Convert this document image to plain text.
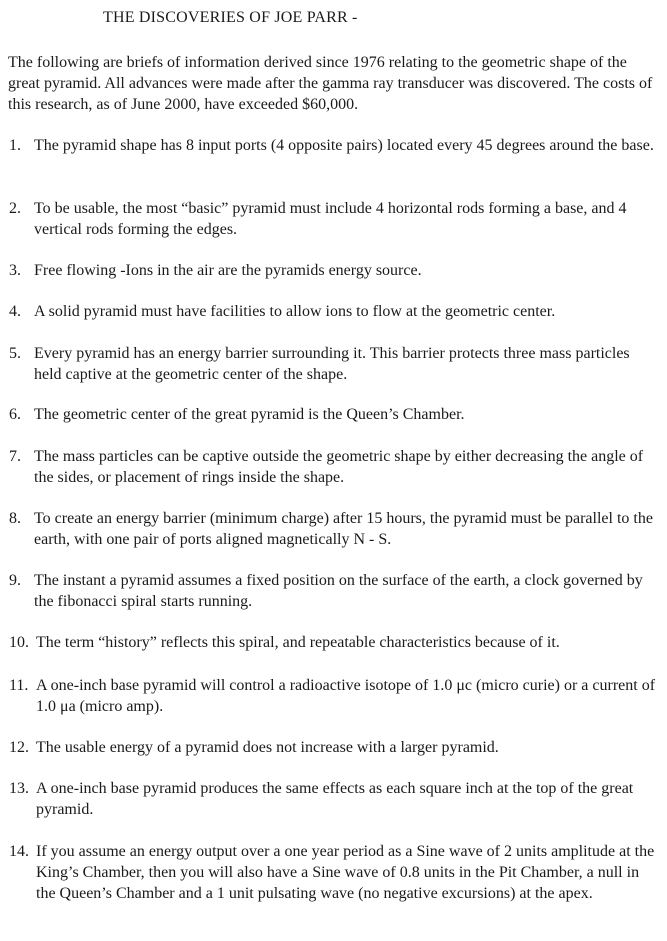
THE DISCOVERIES OF JOE PARR -
The following are briefs of information derived since 1976 relating to the geometric shape of the great pyramid. All advances were made after the gamma ray transducer was discovered. The costs of this research, as of June 2000, have exceeded $60,000.
1. The pyramid shape has 8 input ports (4 opposite pairs) located every 45 degrees around the base.
2. To be usable, the most “basic” pyramid must include 4 horizontal rods forming a base, and 4 vertical rods forming the edges.
3. Free flowing -Ions in the air are the pyramids energy source.
4. A solid pyramid must have facilities to allow ions to flow at the geometric center.
5. Every pyramid has an energy barrier surrounding it. This barrier protects three mass particles held captive at the geometric center of the shape.
6. The geometric center of the great pyramid is the Queen’s Chamber.
7. The mass particles can be captive outside the geometric shape by either decreasing the angle of the sides, or placement of rings inside the shape.
8. To create an energy barrier (minimum charge) after 15 hours, the pyramid must be parallel to the earth, with one pair of ports aligned magnetically N - S.
9. The instant a pyramid assumes a fixed position on the surface of the earth, a clock governed by the fibonacci spiral starts running.
10. The term “history” reflects this spiral, and repeatable characteristics because of it.
11. A one-inch base pyramid will control a radioactive isotope of 1.0 μc (micro curie) or a current of 1.0 μa (micro amp).
12. The usable energy of a pyramid does not increase with a larger pyramid.
13. A one-inch base pyramid produces the same effects as each square inch at the top of the great pyramid.
14. If you assume an energy output over a one year period as a Sine wave of 2 units amplitude at the King’s Chamber, then you will also have a Sine wave of 0.8 units in the Pit Chamber, a null in the Queen’s Chamber and a 1 unit pulsating wave (no negative excursions) at the apex.
